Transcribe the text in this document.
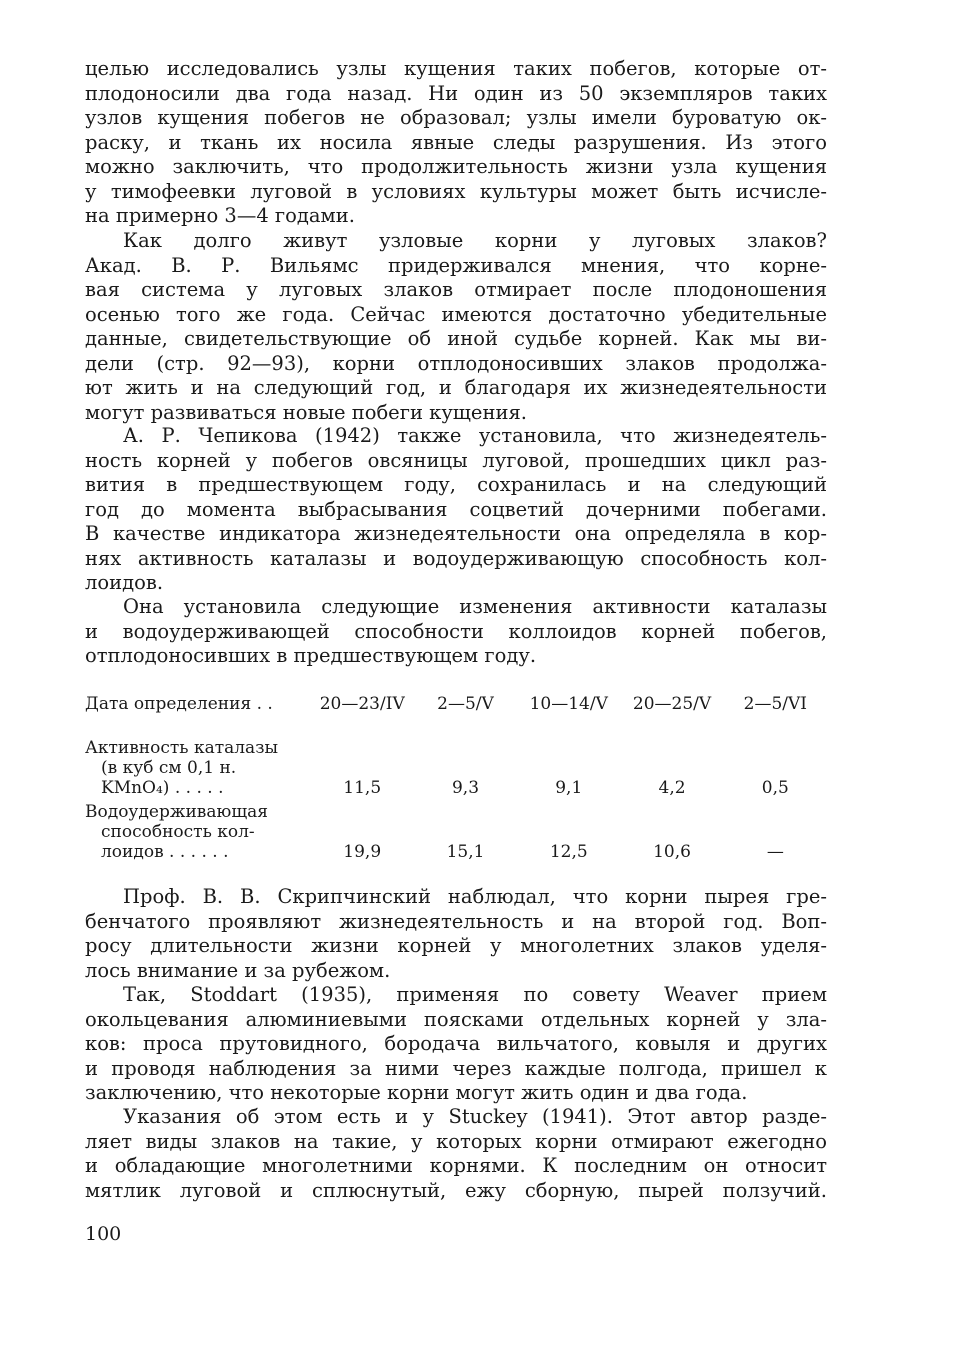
целью исследовались узлы кущения таких побегов, которые от-
плодоносили два года назад. Ни один из 50 экземпляров таких
узлов кущения побегов не образовал; узлы имели буроватую ок-
раску, и ткань их носила явные следы разрушения. Из этого
можно заключить, что продолжительность жизни узла кущения
у тимофеевки луговой в условиях культуры может быть исчисле-
на примерно 3—4 годами.
Как долго живут узловые корни у луговых злаков?
Акад. В. Р. Вильямс придерживался мнения, что корне-
вая система у луговых злаков отмирает после плодоношения
осенью того же года. Сейчас имеются достаточно убедительные
данные, свидетельствующие об иной судьбе корней. Как мы ви-
дели (стр. 92—93), корни отплодоносивших злаков продолжа-
ют жить и на следующий год, и благодаря их жизнедеятельности
могут развиваться новые побеги кущения.
А. Р. Чепикова (1942) также установила, что жизнедеятель-
ность корней у побегов овсяницы луговой, прошедших цикл раз-
вития в предшествующем году, сохранилась и на следующий
год до момента выбрасывания соцветий дочерними побегами.
В качестве индикатора жизнедеятельности она определяла в кор-
нях активность каталазы и водоудерживающую способность кол-
лоидов.
Она установила следующие изменения активности каталазы
и водоудерживающей способности коллоидов корней побегов,
отплодоносивших в предшествующем году.
Дата определения . .	20—23/IV	2—5/V	10—14/V	20—25/V	2—5/VI

Активность каталазы
(в куб см 0,1 н.
KMnO₄) . . . . .	11,5	9,3	9,1	4,2	0,5

Водоудерживающая
способность кол-
лоидов . . . . . .	19,9	15,1	12,5	10,6	—
Проф. В. В. Скрипчинский наблюдал, что корни пырея гре-
бенчатого проявляют жизнедеятельность и на второй год. Воп-
росу длительности жизни корней у многолетних злаков уделя-
лось внимание и за рубежом.
Так, Stoddart (1935), применяя по совету Weaver прием
окольцевания алюминиевыми поясками отдельных корней у зла-
ков: проса прутовидного, бородача вильчатого, ковыля и других
и проводя наблюдения за ними через каждые полгода, пришел к
заключению, что некоторые корни могут жить один и два года.
Указания об этом есть и у Stuckey (1941). Этот автор разде-
ляет виды злаков на такие, у которых корни отмирают ежегодно
и обладающие многолетними корнями. К последним он относит
мятлик луговой и сплюснутый, ежу сборную, пырей ползучий.
100
